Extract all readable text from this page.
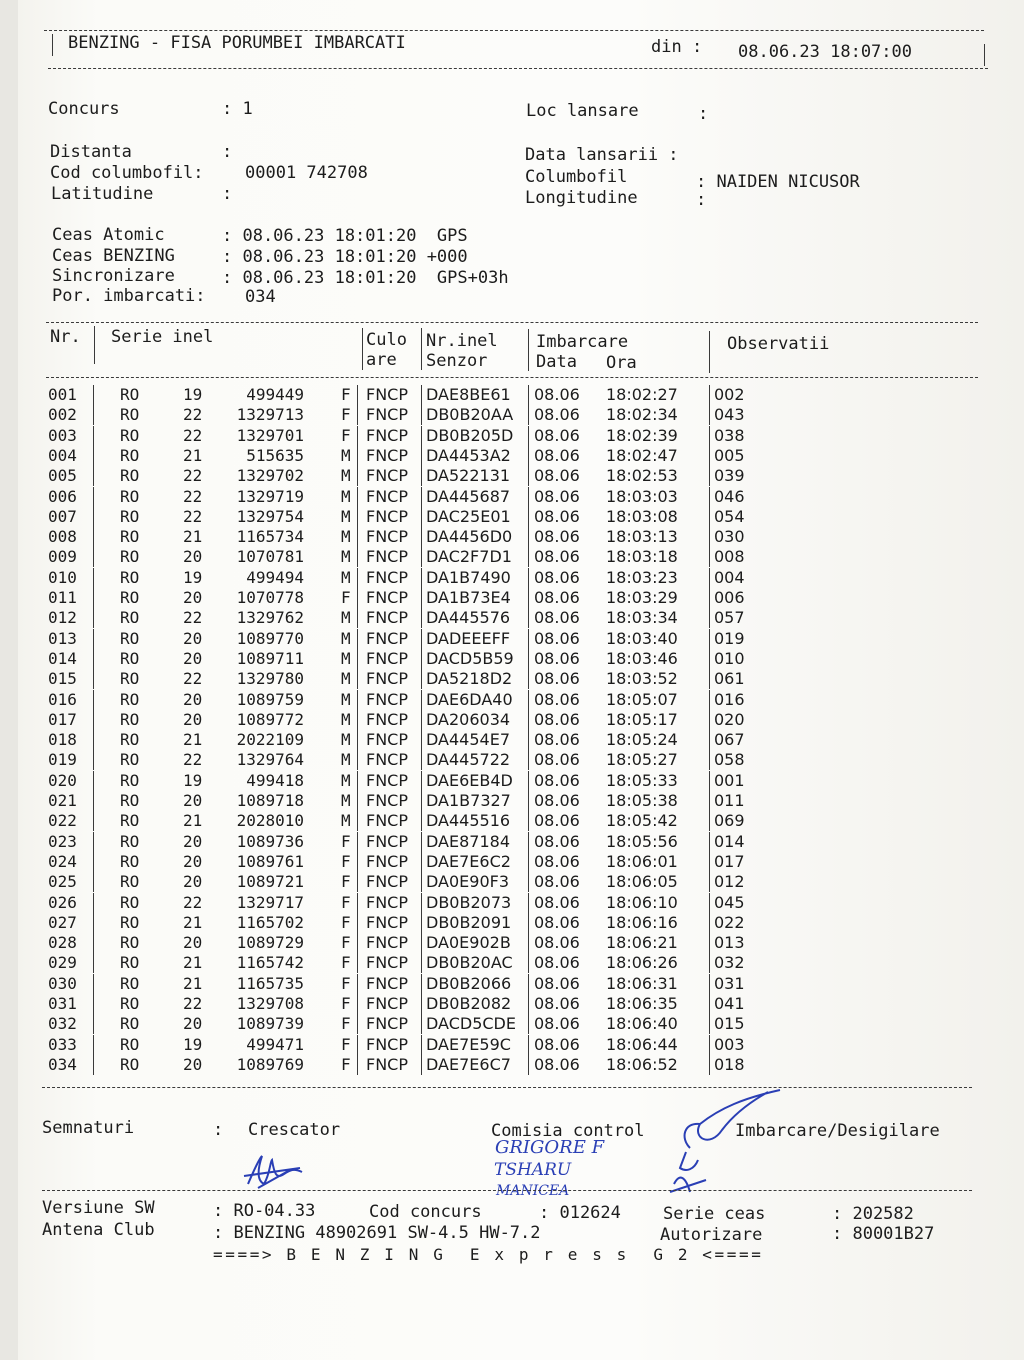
BENZING - FISA PORUMBEI IMBARCATI	din : 08.06.23 18:07:00
Concurs	: 1	Loc lansare	:
Distanta	:
Cod columbofil: 00001 742708
Latitudine	:
Data lansarii :
Columbofil	: NAIDEN NICUSOR
Longitudine	:
Ceas Atomic	: 08.06.23 18:01:20  GPS
Ceas BENZING	: 08.06.23 18:01:20 +000
Sincronizare	: 08.06.23 18:01:20  GPS+03h
Por. imbarcati: 034
Nr. Serie inel	Culo
are
Nr.inel
Senzor
Imbarcare
Data Ora
Observatii
001	RO	19	499449 F FNCP DAE8BE61 08.06 18:02:27 002
002	RO	22	1329713 F FNCP DB0B20AA 08.06 18:02:34 043
003	RO	22	1329701 F FNCP DB0B205D 08.06 18:02:39 038
004	RO	21	515635 M FNCP DA4453A2 08.06 18:02:47 005
005	RO	22	1329702 M FNCP DA522131 08.06 18:02:53 039
006	RO	22	1329719 M FNCP DA445687 08.06 18:03:03 046
007	RO	22	1329754 M FNCP DAC25E01 08.06 18:03:08 054
008	RO	21	1165734 M FNCP DA4456D0 08.06 18:03:13 030
009	RO	20	1070781 M FNCP DAC2F7D1 08.06 18:03:18 008
010	RO	19	499494 M FNCP DA1B7490 08.06 18:03:23 004
011	RO	20	1070778 F FNCP DA1B73E4 08.06 18:03:29 006
012	RO	22	1329762 M FNCP DA445576 08.06 18:03:34 057
013	RO	20	1089770 M FNCP DADEEEFF 08.06 18:03:40 019
014	RO	20	1089711 M FNCP DACD5B59 08.06 18:03:46 010
015	RO	22	1329780 M FNCP DA5218D2 08.06 18:03:52 061
016	RO	20	1089759 M FNCP DAE6DA40 08.06 18:05:07 016
017	RO	20	1089772 M FNCP DA206034 08.06 18:05:17 020
018	RO	21	2022109 M FNCP DA4454E7 08.06 18:05:24 067
019	RO	22	1329764 M FNCP DA445722 08.06 18:05:27 058
020	RO	19	499418 M FNCP DAE6EB4D 08.06 18:05:33 001
021	RO	20	1089718 M FNCP DA1B7327 08.06 18:05:38 011
022	RO	21	2028010 M FNCP DA445516 08.06 18:05:42 069
023	RO	20	1089736 F FNCP DAE87184 08.06 18:05:56 014
024	RO	20	1089761 F FNCP DAE7E6C2 08.06 18:06:01 017
025	RO	20	1089721 F FNCP DA0E90F3 08.06 18:06:05 012
026	RO	22	1329717 F FNCP DB0B2073 08.06 18:06:10 045
027	RO	21	1165702 F FNCP DB0B2091 08.06 18:06:16 022
028	RO	20	1089729 F FNCP DA0E902B 08.06 18:06:21 013
029	RO	21	1165742 F FNCP DB0B20AC 08.06 18:06:26 032
030	RO	21	1165735 F FNCP DB0B2066 08.06 18:06:31 031
031	RO	22	1329708 F FNCP DB0B2082 08.06 18:06:35 041
032	RO	20	1089739 F FNCP DACD5CDE 08.06 18:06:40 015
033	RO	19	499471 F FNCP DAE7E59C 08.06 18:06:44 003
034	RO	20	1089769 F FNCP DAE7E6C7 08.06 18:06:52 018
Semnaturi	: Crescator	Comisia control	Imbarcare/Desigilare
GRIGORE F
TSHARU
MANICEA
Versiune SW	: RO-04.33	Cod concurs	: 012624 Serie ceas	: 202582
Antena Club	: BENZING 48902691 SW-4.5 HW-7.2	Autorizare	: 80001B27
====> B E N Z I N G  E x p r e s s  G 2 <====
